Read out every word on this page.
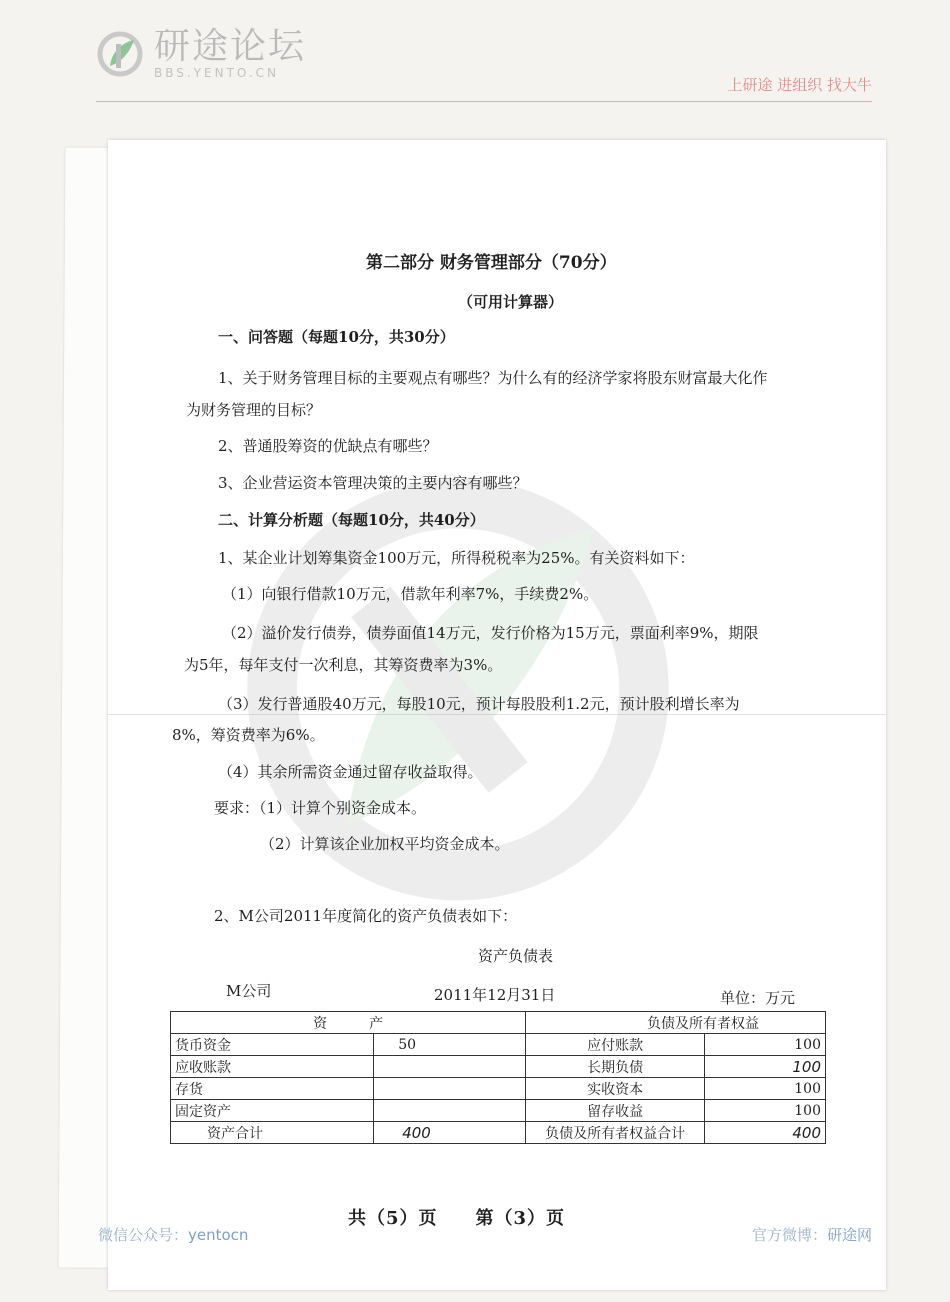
研途论坛
BBS.YENTO.CN
上研途 进组织 找大牛
第二部分 财务管理部分（70分）
（可用计算器）
一、问答题（每题10分，共30分）
1、关于财务管理目标的主要观点有哪些？为什么有的经济学家将股东财富最大化作
为财务管理的目标？
2、普通股筹资的优缺点有哪些？
3、企业营运资本管理决策的主要内容有哪些？
二、计算分析题（每题10分，共40分）
1、某企业计划筹集资金100万元，所得税税率为25%。有关资料如下：
（1）向银行借款10万元，借款年利率7%，手续费2%。
（2）溢价发行债券，债券面值14万元，发行价格为15万元，票面利率9%，期限
为5年，每年支付一次利息，其筹资费率为3%。
（3）发行普通股40万元，每股10元，预计每股股利1.2元，预计股利增长率为
8%，筹资费率为6%。
（4）其余所需资金通过留存收益取得。
要求：（1）计算个别资金成本。
（2）计算该企业加权平均资金成本。
2、M公司2011年度简化的资产负债表如下：
资产负债表
M公司	2011年12月31日	单位：万元
资　　　产		负债及所有者权益	
货币资金	50	应付账款	100
应收账款		长期负债	100
存货		实收资本	100
固定资产		留存收益	100
资产合计	400	负债及所有者权益合计	400
共（5）页　　第（3）页
微信公众号：yentocn	官方微博：研途网
